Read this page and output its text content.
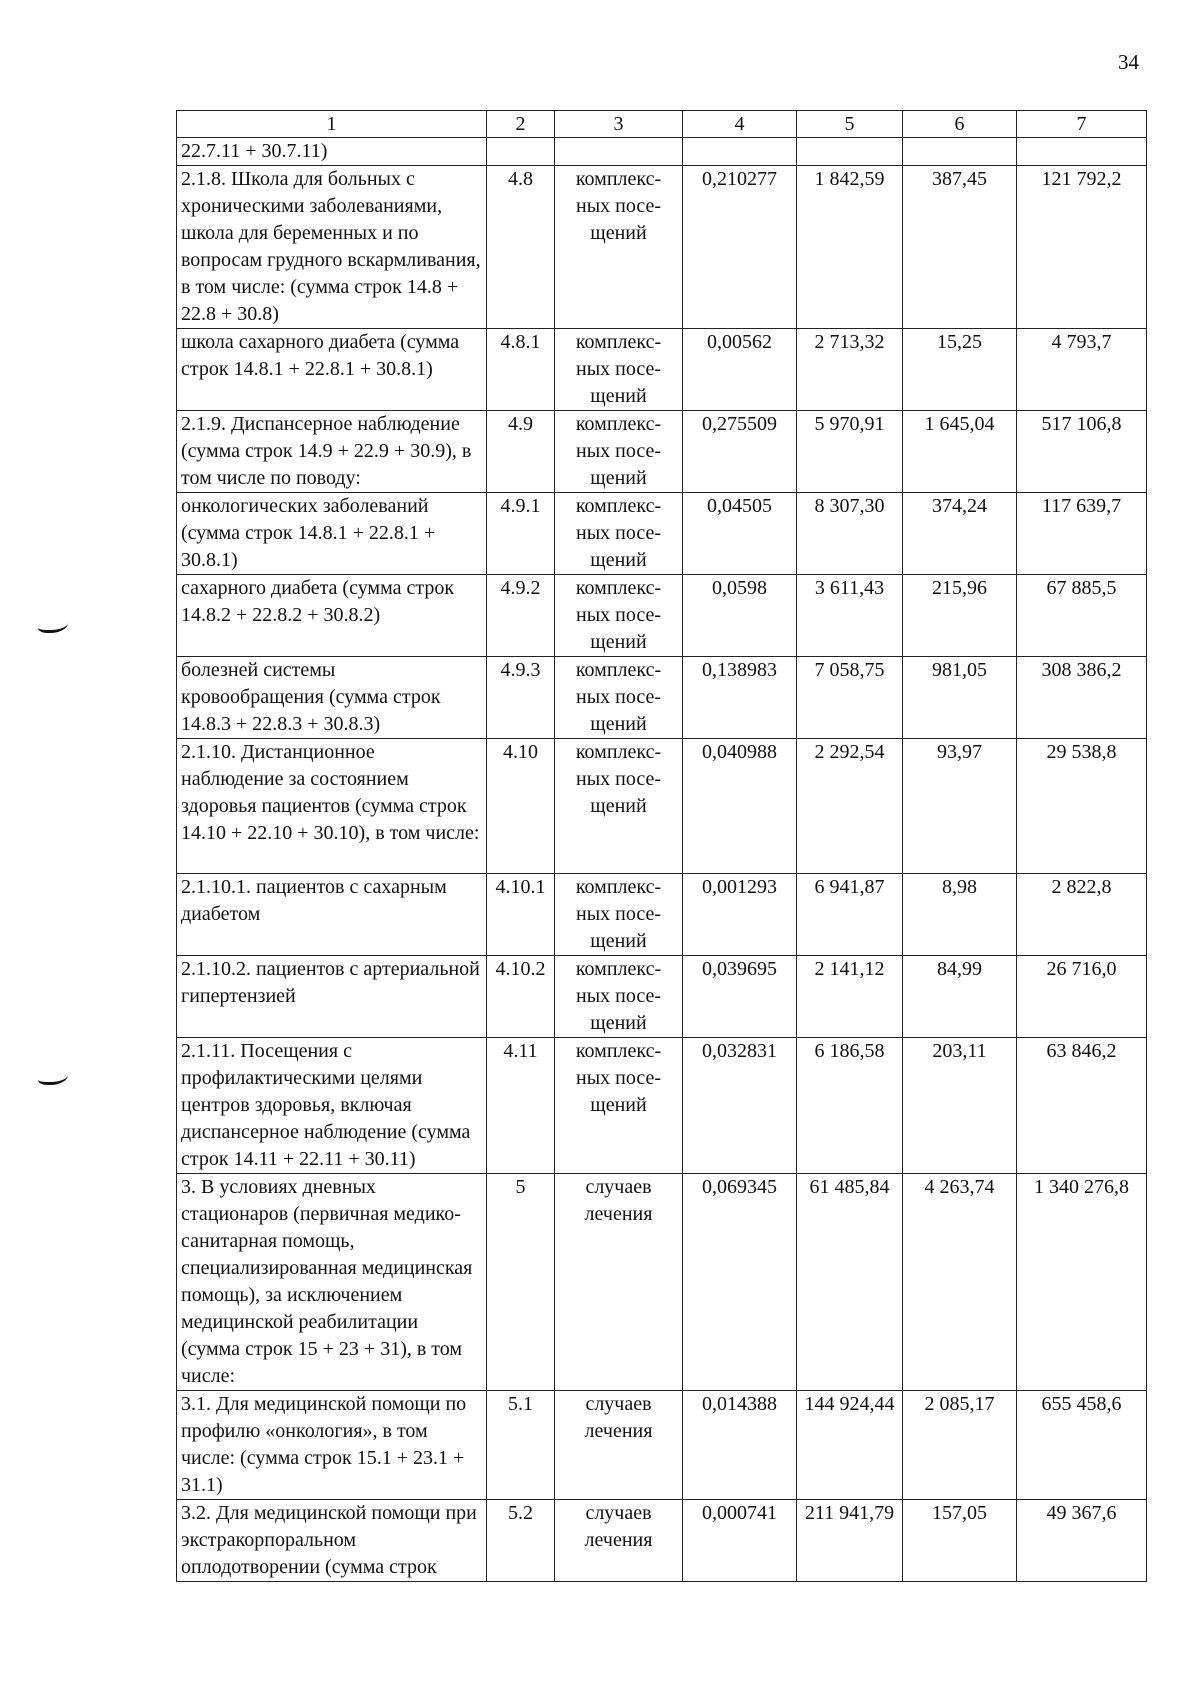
34
1	2	3	4	5	6	7
22.7.11 + 30.7.11)						
2.1.8. Школа для больных с хроническими заболеваниями, школа для беременных и по вопросам грудного вскармливания, в том числе: (сумма строк 14.8 + 22.8 + 30.8)	4.8	комплекс-ных посе-щений	0,210277	1 842,59	387,45	121 792,2
школа сахарного диабета (сумма строк 14.8.1 + 22.8.1 + 30.8.1)	4.8.1	комплекс-ных посе-щений	0,00562	2 713,32	15,25	4 793,7
2.1.9. Диспансерное наблюдение (сумма строк 14.9 + 22.9 + 30.9), в том числе по поводу:	4.9	комплекс-ных посе-щений	0,275509	5 970,91	1 645,04	517 106,8
онкологических заболеваний (сумма строк 14.8.1 + 22.8.1 + 30.8.1)	4.9.1	комплекс-ных посе-щений	0,04505	8 307,30	374,24	117 639,7
сахарного диабета (сумма строк 14.8.2 + 22.8.2 + 30.8.2)	4.9.2	комплекс-ных посе-щений	0,0598	3 611,43	215,96	67 885,5
болезней системы кровообращения (сумма строк 14.8.3 + 22.8.3 + 30.8.3)	4.9.3	комплекс-ных посе-щений	0,138983	7 058,75	981,05	308 386,2
2.1.10. Дистанционное наблюдение за состоянием здоровья пациентов (сумма строк 14.10 + 22.10 + 30.10), в том числе:	4.10	комплекс-ных посе-щений	0,040988	2 292,54	93,97	29 538,8
2.1.10.1. пациентов с сахарным диабетом	4.10.1	комплекс-ных посе-щений	0,001293	6 941,87	8,98	2 822,8
2.1.10.2. пациентов с артериальной гипертензией	4.10.2	комплекс-ных посе-щений	0,039695	2 141,12	84,99	26 716,0
2.1.11. Посещения с профилактическими целями центров здоровья, включая диспансерное наблюдение (сумма строк 14.11 + 22.11 + 30.11)	4.11	комплекс-ных посе-щений	0,032831	6 186,58	203,11	63 846,2
3. В условиях дневных стационаров (первичная медико-санитарная помощь, специализированная медицинская помощь), за исключением медицинской реабилитации (сумма строк 15 + 23 + 31), в том числе:	5	случаев лечения	0,069345	61 485,84	4 263,74	1 340 276,8
3.1. Для медицинской помощи по профилю «онкология», в том числе: (сумма строк 15.1 + 23.1 + 31.1)	5.1	случаев лечения	0,014388	144 924,44	2 085,17	655 458,6
3.2. Для медицинской помощи при экстракорпоральном оплодотворении (сумма строк	5.2	случаев лечения	0,000741	211 941,79	157,05	49 367,6
